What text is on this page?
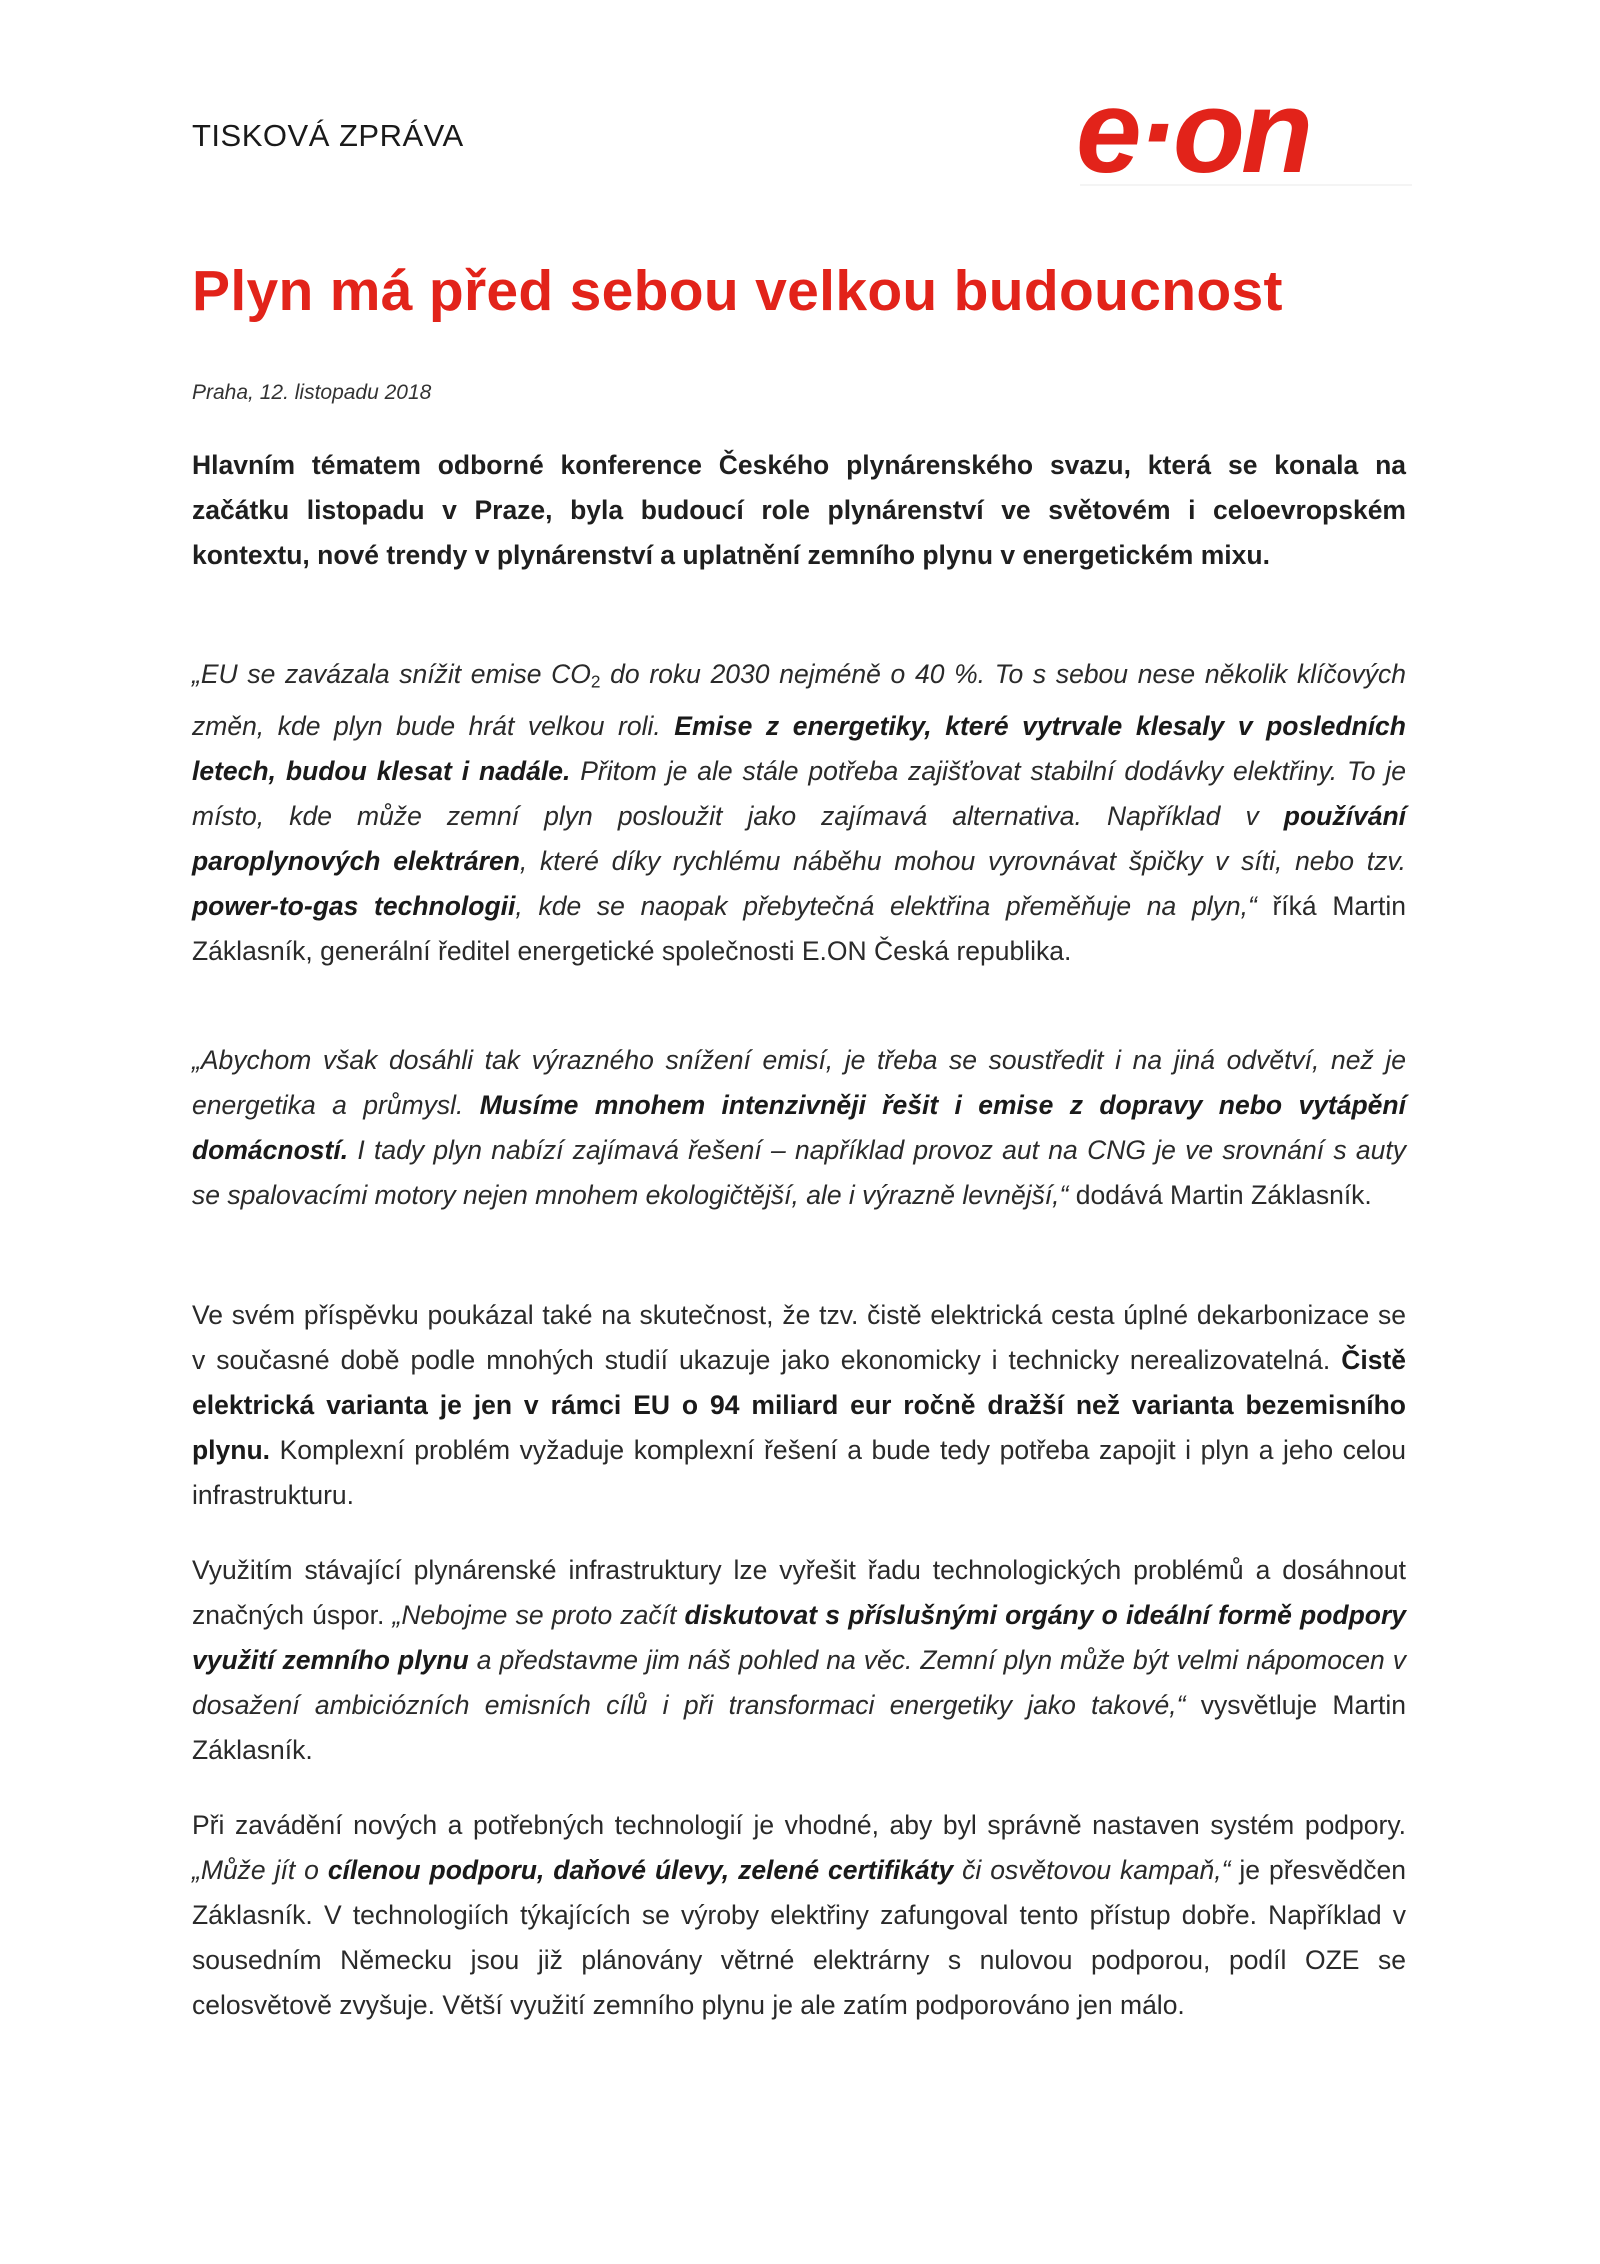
TISKOVÁ ZPRÁVA	e·on
Plyn má před sebou velkou budoucnost
Praha, 12. listopadu 2018
Hlavním tématem odborné konference Českého plynárenského svazu, která se konala na začátku listopadu v Praze, byla budoucí role plynárenství ve světovém i celoevropském kontextu, nové trendy v plynárenství a uplatnění zemního plynu v energetickém mixu.
„EU se zavázala snížit emise $CO_2$ do roku 2030 nejméně o 40 %. To s sebou nese několik klíčových změn, kde plyn bude hrát velkou roli. Emise z energetiky, které vytrvale klesaly v posledních letech, budou klesat i nadále. Přitom je ale stále potřeba zajišťovat stabilní dodávky elektřiny. To je místo, kde může zemní plyn posloužit jako zajímavá alternativa. Například v používání paroplynových elektráren, které díky rychlému náběhu mohou vyrovnávat špičky v síti, nebo tzv. power-to-gas technologii, kde se naopak přebytečná elektřina přeměňuje na plyn,“ říká Martin Záklasník, generální ředitel energetické společnosti E.ON Česká republika.
„Abychom však dosáhli tak výrazného snížení emisí, je třeba se soustředit i na jiná odvětví, než je energetika a průmysl. Musíme mnohem intenzivněji řešit i emise z dopravy nebo vytápění domácností. I tady plyn nabízí zajímavá řešení – například provoz aut na CNG je ve srovnání s auty se spalovacími motory nejen mnohem ekologičtější, ale i výrazně levnější,“ dodává Martin Záklasník.
Ve svém příspěvku poukázal také na skutečnost, že tzv. čistě elektrická cesta úplné dekarbonizace se v současné době podle mnohých studií ukazuje jako ekonomicky i technicky nerealizovatelná. Čistě elektrická varianta je jen v rámci EU o 94 miliard eur ročně dražší než varianta bezemisního plynu. Komplexní problém vyžaduje komplexní řešení a bude tedy potřeba zapojit i plyn a jeho celou infrastrukturu.
Využitím stávající plynárenské infrastruktury lze vyřešit řadu technologických problémů a dosáhnout značných úspor. „Nebojme se proto začít diskutovat s příslušnými orgány o ideální formě podpory využití zemního plynu a představme jim náš pohled na věc. Zemní plyn může být velmi nápomocen v dosažení ambiciózních emisních cílů i při transformaci energetiky jako takové,“ vysvětluje Martin Záklasník.
Při zavádění nových a potřebných technologií je vhodné, aby byl správně nastaven systém podpory. „Může jít o cílenou podporu, daňové úlevy, zelené certifikáty či osvětovou kampaň,“ je přesvědčen Záklasník. V technologiích týkajících se výroby elektřiny zafungoval tento přístup dobře. Například v sousedním Německu jsou již plánovány větrné elektrárny s nulovou podporou, podíl OZE se celosvětově zvyšuje. Větší využití zemního plynu je ale zatím podporováno jen málo.
